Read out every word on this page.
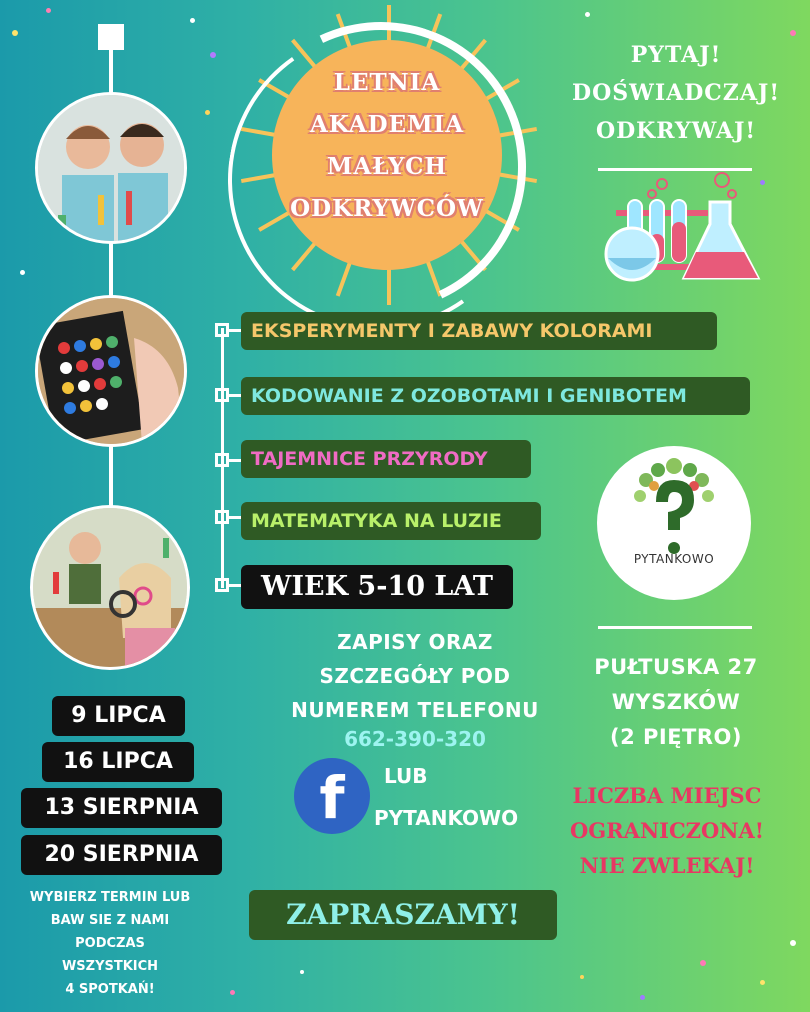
LETNIA
AKADEMIA
MAŁYCH
ODKRYWCÓW
PYTAJ!
DOŚWIADCZAJ!
ODKRYWAJ!
EKSPERYMENTY I ZABAWY KOLORAMI
KODOWANIE Z OZOBOTAMI I GENIBOTEM
TAJEMNICE PRZYRODY
MATEMATYKA NA LUZIE
WIEK 5-10 LAT
PYTANKOWO
ZAPISY ORAZ
SZCZEGÓŁY POD
NUMEREM TELEFONU
662-390-320
f	LUB
PYTANKOWO
PUŁTUSKA 27
WYSZKÓW
(2 PIĘTRO)
LICZBA MIEJSC
OGRANICZONA!
NIE ZWLEKAJ!
9 LIPCA
16 LIPCA
13 SIERPNIA
20 SIERPNIA
WYBIERZ TERMIN LUB
BAW SIE Z NAMI
PODCZAS
WSZYSTKICH
4 SPOTKAŃ!
ZAPRASZAMY!
